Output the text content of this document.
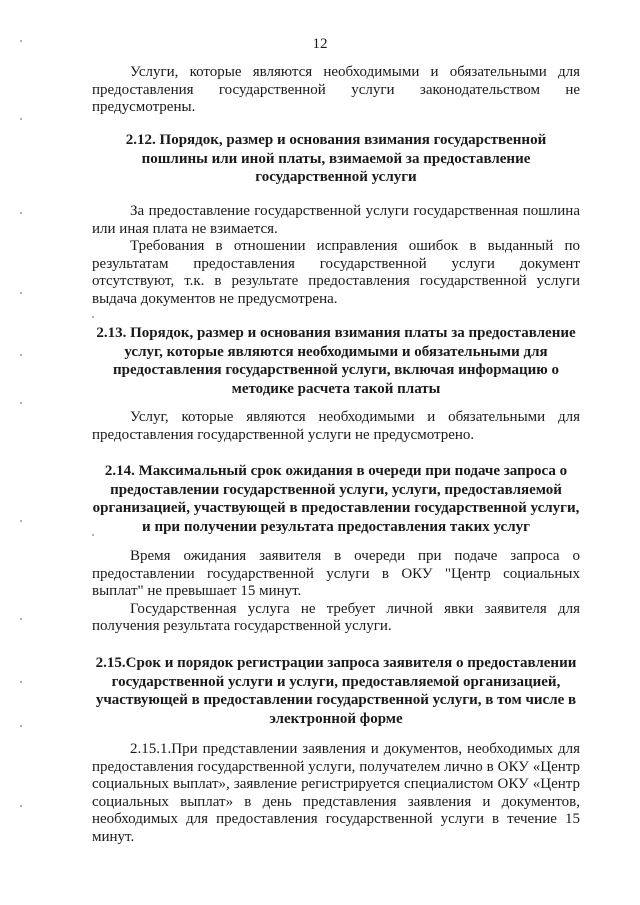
12

Услуги, которые являются необходимыми и обязательными для предоставления государственной услуги законодательством не предусмотрены.

2.12. Порядок, размер и основания взимания государственной пошлины или иной платы, взимаемой за предоставление государственной услуги

За предоставление государственной услуги государственная пошлина или иная плата не взимается.

Требования в отношении исправления ошибок в выданный по результатам предоставления государственной услуги документ отсутствуют, т.к. в результате предоставления государственной услуги выдача документов не предусмотрена.

2.13. Порядок, размер и основания взимания платы за предоставление услуг, которые являются необходимыми и обязательными для предоставления государственной услуги, включая информацию о методике расчета такой платы

Услуг, которые являются необходимыми и обязательными для предоставления государственной услуги не предусмотрено.

2.14. Максимальный срок ожидания в очереди при подаче запроса о предоставлении государственной услуги, услуги, предоставляемой организацией, участвующей в предоставлении государственной услуги, и при получении результата предоставления таких услуг

Время ожидания заявителя в очереди при подаче запроса о предоставлении государственной услуги в ОКУ "Центр социальных выплат" не превышает 15 минут.

Государственная услуга не требует личной явки заявителя для получения результата государственной услуги.

2.15.Срок и порядок регистрации запроса заявителя о предоставлении государственной услуги и услуги, предоставляемой организацией, участвующей в предоставлении государственной услуги, в том числе в электронной форме

2.15.1.При представлении заявления и документов, необходимых для предоставления государственной услуги, получателем лично в ОКУ «Центр социальных выплат», заявление регистрируется специалистом ОКУ «Центр социальных выплат» в день представления заявления и документов, необходимых для предоставления государственной услуги в течение 15 минут.
